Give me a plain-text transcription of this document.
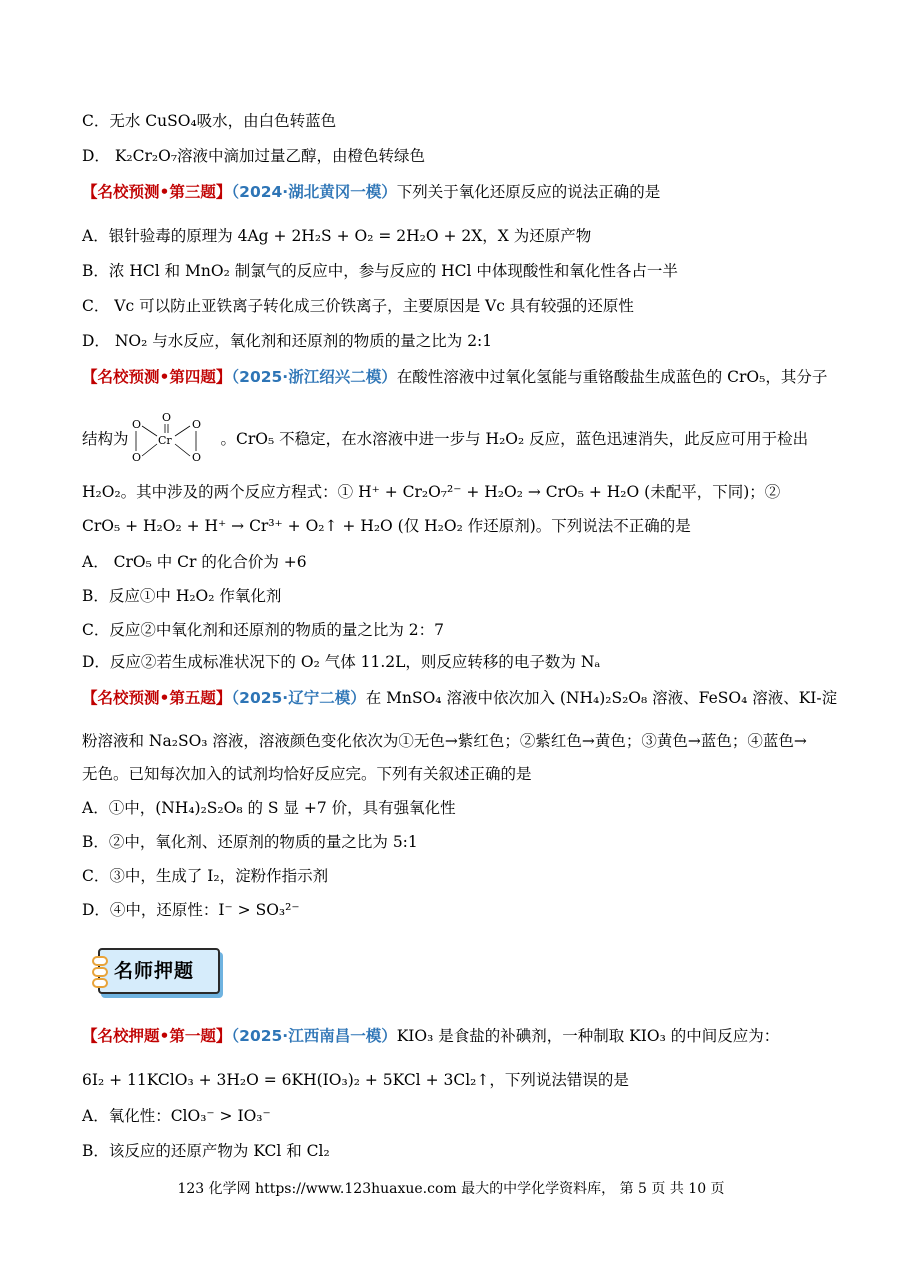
C．无水 CuSO₄吸水，由白色转蓝色
D． K₂Cr₂O₇溶液中滴加过量乙醇，由橙色转绿色
【名校预测•第三题】（2024·湖北黄冈一模）下列关于氧化还原反应的说法正确的是
A．银针验毒的原理为 4Ag + 2H₂S + O₂ = 2H₂O + 2X，X 为还原产物
B．浓 HCl 和 MnO₂ 制氯气的反应中，参与反应的 HCl 中体现酸性和氧化性各占一半
C． Vc 可以防止亚铁离子转化成三价铁离子，主要原因是 Vc 具有较强的还原性
D． NO₂ 与水反应，氧化剂和还原剂的物质的量之比为 2:1
【名校预测•第四题】（2025·浙江绍兴二模）在酸性溶液中过氧化氢能与重铬酸盐生成蓝色的 CrO₅，其分子
结构为	。CrO₅ 不稳定，在水溶液中进一步与 H₂O₂ 反应，蓝色迅速消失，此反应可用于检出
O
O
O
Cr
O	O
H₂O₂。其中涉及的两个反应方程式：① H⁺ + Cr₂O₇²⁻ + H₂O₂ → CrO₅ + H₂O (未配平，下同)；②
CrO₅ + H₂O₂ + H⁺ → Cr³⁺ + O₂↑ + H₂O (仅 H₂O₂ 作还原剂)。下列说法不正确的是
A． CrO₅ 中 Cr 的化合价为 +6
B．反应①中 H₂O₂ 作氧化剂
C．反应②中氧化剂和还原剂的物质的量之比为 2：7
D．反应②若生成标准状况下的 O₂ 气体 11.2L，则反应转移的电子数为 Nₐ
【名校预测•第五题】（2025·辽宁二模）在 MnSO₄ 溶液中依次加入 (NH₄)₂S₂O₈ 溶液、FeSO₄ 溶液、KI-淀
粉溶液和 Na₂SO₃ 溶液，溶液颜色变化依次为①无色→紫红色；②紫红色→黄色；③黄色→蓝色；④蓝色→
无色。已知每次加入的试剂均恰好反应完。下列有关叙述正确的是
A．①中，(NH₄)₂S₂O₈ 的 S 显 +7 价，具有强氧化性
B．②中，氧化剂、还原剂的物质的量之比为 5:1
C．③中，生成了 I₂，淀粉作指示剂
D．④中，还原性：I⁻ > SO₃²⁻
名师押题
【名校押题•第一题】（2025·江西南昌一模）KIO₃ 是食盐的补碘剂，一种制取 KIO₃ 的中间反应为：
6I₂ + 11KClO₃ + 3H₂O = 6KH(IO₃)₂ + 5KCl + 3Cl₂↑，下列说法错误的是
A．氧化性：ClO₃⁻ > IO₃⁻
B．该反应的还原产物为 KCl 和 Cl₂
123 化学网 https://www.123huaxue.com 最大的中学化学资料库， 第 5 页 共 10 页
